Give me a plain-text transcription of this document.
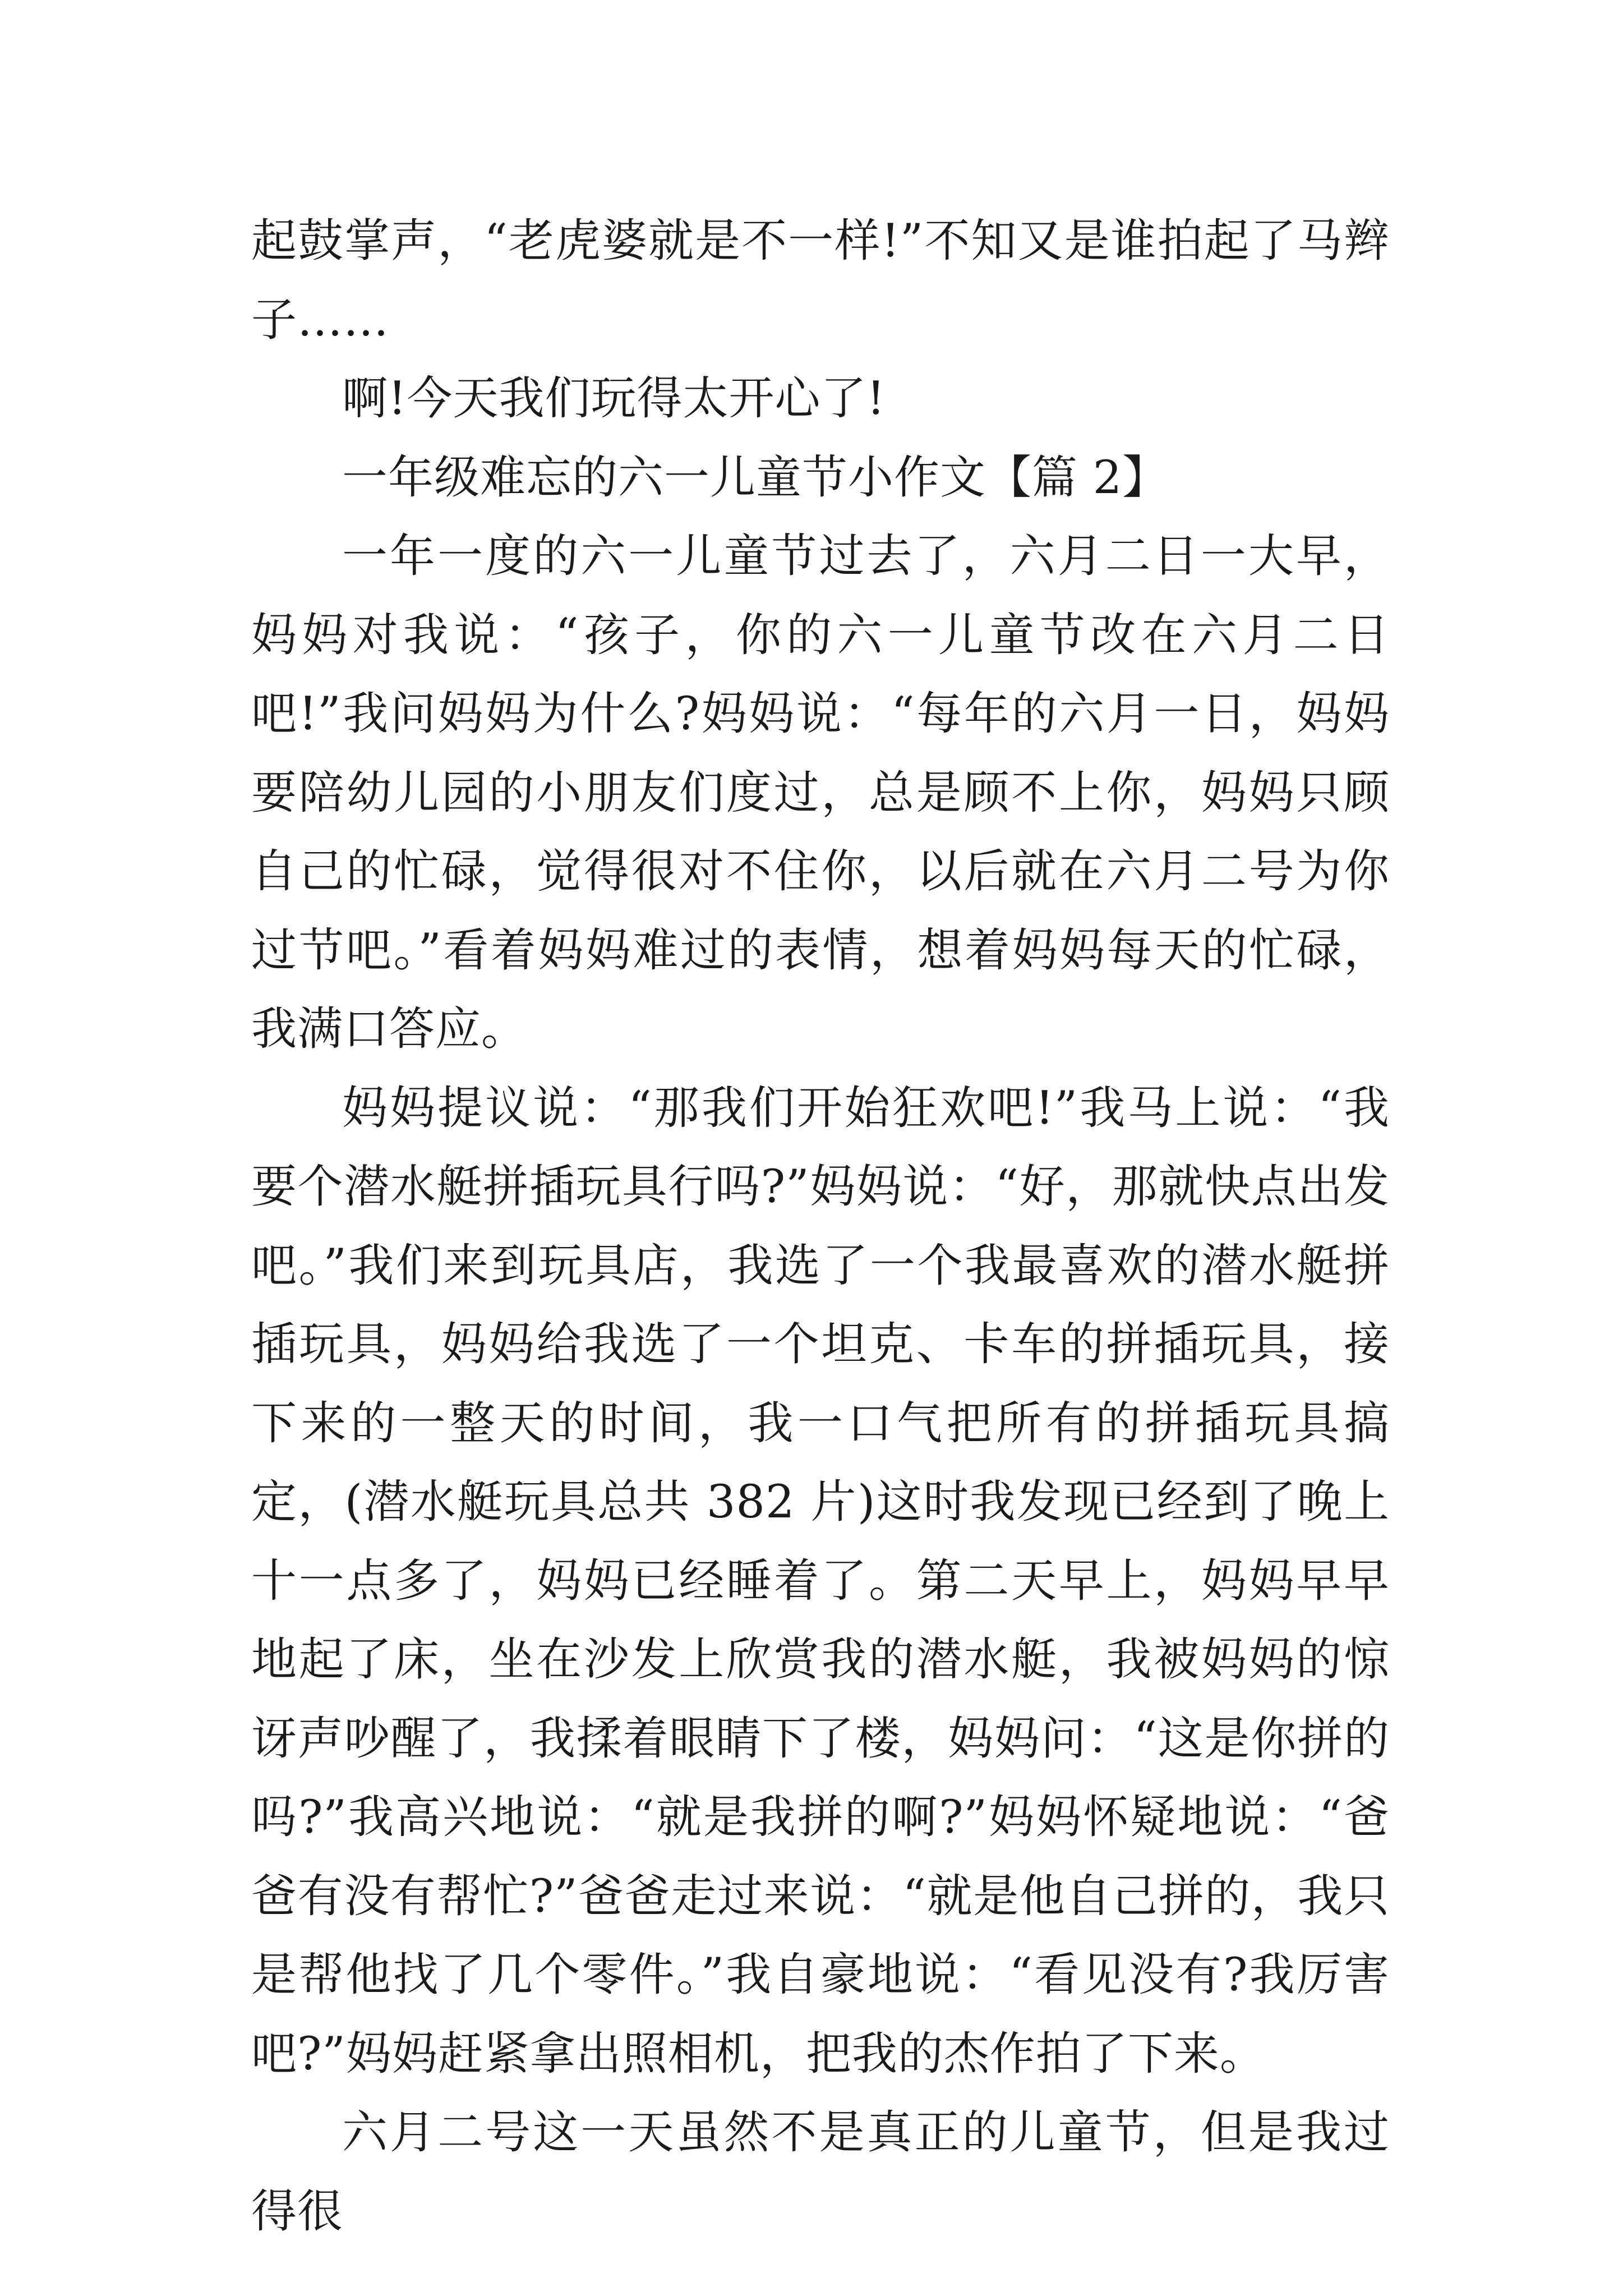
起鼓掌声，“老虎婆就是不一样!”不知又是谁拍起了马辫子……

啊!今天我们玩得太开心了!

一年级难忘的六一儿童节小作文【篇 2】

一年一度的六一儿童节过去了，六月二日一大早，妈妈对我说：“孩子，你的六一儿童节改在六月二日吧!”我问妈妈为什么?妈妈说：“每年的六月一日，妈妈要陪幼儿园的小朋友们度过，总是顾不上你，妈妈只顾自己的忙碌，觉得很对不住你，以后就在六月二号为你过节吧。”看着妈妈难过的表情，想着妈妈每天的忙碌，我满口答应。

妈妈提议说：“那我们开始狂欢吧!”我马上说：“我要个潜水艇拼插玩具行吗?”妈妈说：“好，那就快点出发吧。”我们来到玩具店，我选了一个我最喜欢的潜水艇拼插玩具，妈妈给我选了一个坦克、卡车的拼插玩具，接下来的一整天的时间，我一口气把所有的拼插玩具搞定，(潜水艇玩具总共 382 片)这时我发现已经到了晚上十一点多了，妈妈已经睡着了。第二天早上，妈妈早早地起了床，坐在沙发上欣赏我的潜水艇，我被妈妈的惊讶声吵醒了，我揉着眼睛下了楼，妈妈问：“这是你拼的吗?”我高兴地说：“就是我拼的啊?”妈妈怀疑地说：“爸爸有没有帮忙?”爸爸走过来说：“就是他自己拼的，我只是帮他找了几个零件。”我自豪地说：“看见没有?我厉害吧?”妈妈赶紧拿出照相机，把我的杰作拍了下来。

六月二号这一天虽然不是真正的儿童节，但是我过得很
